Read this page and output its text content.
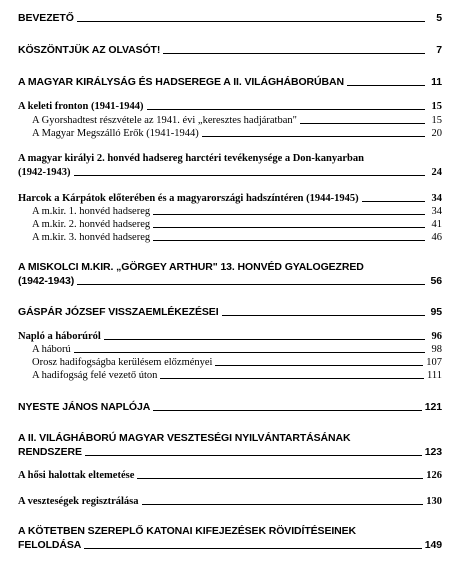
BEVEZETŐ	5
KÖSZÖNTJÜK AZ OLVASÓT!	7
A MAGYAR KIRÁLYSÁG ÉS HADSEREGE A II. VILÁGHÁBORÚBAN	11
A keleti fronton (1941-1944)	15
A Gyorshadtest részvétele az 1941. évi „keresztes hadjáratban"	15
A Magyar Megszálló Erők (1941-1944)	20
A magyar királyi 2. honvéd hadsereg harctéri tevékenysége a Don-kanyarban
(1942-1943)	24
Harcok a Kárpátok előterében és a magyarországi hadszíntéren (1944-1945)	34
A m.kir. 1. honvéd hadsereg	34
A m.kir. 2. honvéd hadsereg	41
A m.kir. 3. honvéd hadsereg	46
A MISKOLCI M.KIR. „GÖRGEY ARTHUR" 13. HONVÉD GYALOGEZRED
(1942-1943)	56
GÁSPÁR JÓZSEF VISSZAEMLÉKEZÉSEI	95
Napló a háborúról	96
A háború	98
Orosz hadifogságba kerülésem előzményei	107
A hadifogság felé vezető úton	111
NYESTE JÁNOS NAPLÓJA	121
A II. VILÁGHÁBORÚ MAGYAR VESZTESÉGI NYILVÁNTARTÁSÁNAK
RENDSZERE	123
A hősi halottak eltemetése	126
A veszteségek regisztrálása	130
A KÖTETBEN SZEREPLŐ KATONAI KIFEJEZÉSEK RÖVIDÍTÉSEINEK
FELOLDÁSA	149
